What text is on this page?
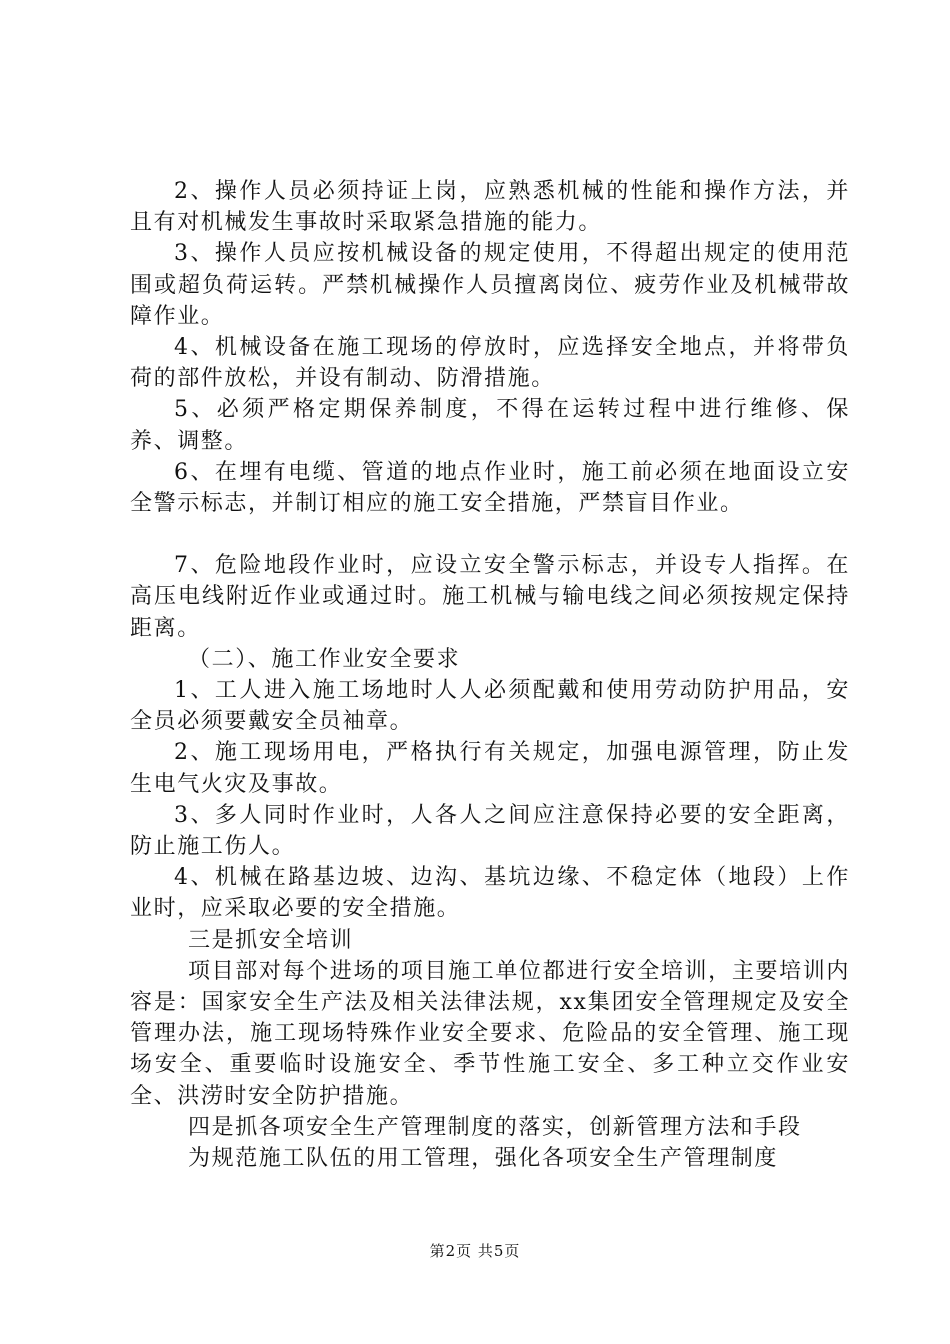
2、操作人员必须持证上岗，应熟悉机械的性能和操作方法，并且有对机械发生事故时采取紧急措施的能力。

3、操作人员应按机械设备的规定使用，不得超出规定的使用范围或超负荷运转。严禁机械操作人员擅离岗位、疲劳作业及机械带故障作业。

4、机械设备在施工现场的停放时，应选择安全地点，并将带负荷的部件放松，并设有制动、防滑措施。

5、必须严格定期保养制度，不得在运转过程中进行维修、保养、调整。

6、在埋有电缆、管道的地点作业时，施工前必须在地面设立安全警示标志，并制订相应的施工安全措施，严禁盲目作业。

7、危险地段作业时，应设立安全警示标志，并设专人指挥。在高压电线附近作业或通过时。施工机械与输电线之间必须按规定保持距离。

（二）、施工作业安全要求

1、工人进入施工场地时人人必须配戴和使用劳动防护用品，安全员必须要戴安全员袖章。

2、施工现场用电，严格执行有关规定，加强电源管理，防止发生电气火灾及事故。

3、多人同时作业时，人各人之间应注意保持必要的安全距离，防止施工伤人。

4、机械在路基边坡、边沟、基坑边缘、不稳定体（地段）上作业时，应采取必要的安全措施。

三是抓安全培训

项目部对每个进场的项目施工单位都进行安全培训，主要培训内容是：国家安全生产法及相关法律法规，xx集团安全管理规定及安全管理办法，施工现场特殊作业安全要求、危险品的安全管理、施工现场安全、重要临时设施安全、季节性施工安全、多工种立交作业安全、洪涝时安全防护措施。

四是抓各项安全生产管理制度的落实，创新管理方法和手段

为规范施工队伍的用工管理，强化各项安全生产管理制度

第2页 共5页
